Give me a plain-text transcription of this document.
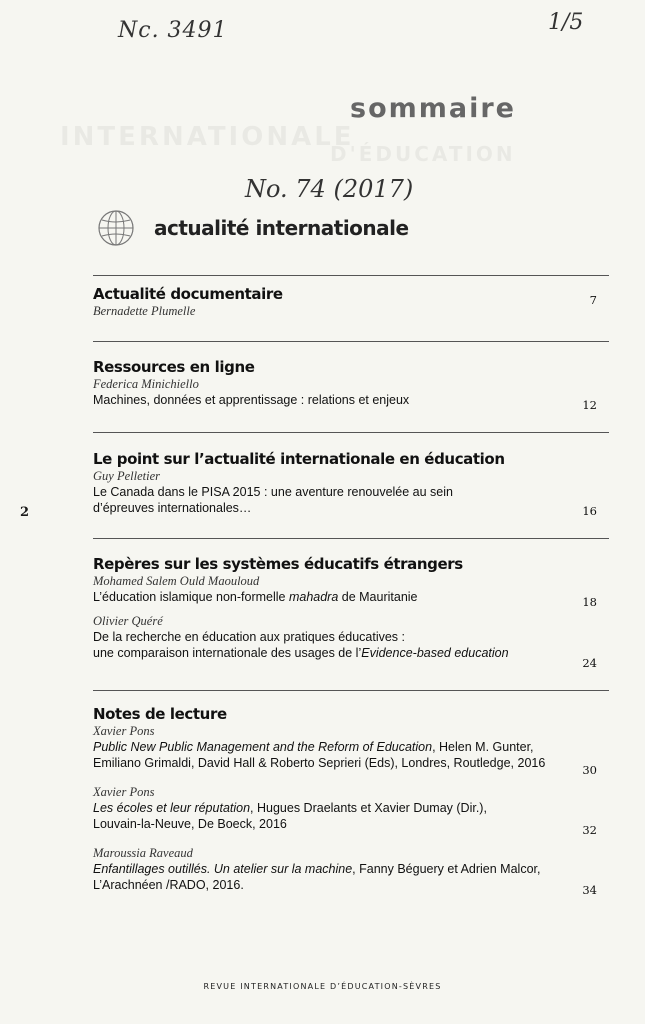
INTERNATIONALE
D'ÉDUCATION
Nc. 3491	1/5
sommaire
No. 74 (2017)
actualité internationale
2
Actualité documentaire
Bernadette Plumelle
7
Ressources en ligne
Federica Minichiello
Machines, données et apprentissage : relations et enjeux	12
Le point sur l’actualité internationale en éducation
Guy Pelletier
Le Canada dans le PISA 2015 : une aventure renouvelée au sein
d’épreuves internationales…	16
Repères sur les systèmes éducatifs étrangers
Mohamed Salem Ould Maouloud
L’éducation islamique non-formelle mahadra de Mauritanie	18
Olivier Quéré
De la recherche en éducation aux pratiques éducatives :
une comparaison internationale des usages de l’Evidence-based education
24
Notes de lecture
Xavier Pons
Public New Public Management and the Reform of Education, Helen M. Gunter,
Emiliano Grimaldi, David Hall & Roberto Seprieri (Eds), Londres, Routledge, 2016	30
Xavier Pons
Les écoles et leur réputation, Hugues Draelants et Xavier Dumay (Dir.),
Louvain-la-Neuve, De Boeck, 2016	32
Maroussia Raveaud
Enfantillages outillés. Un atelier sur la machine, Fanny Béguery et Adrien Malcor,
L’Arachnéen /RADO, 2016.	34
REVUE INTERNATIONALE D’ÉDUCATION-SÈVRES
